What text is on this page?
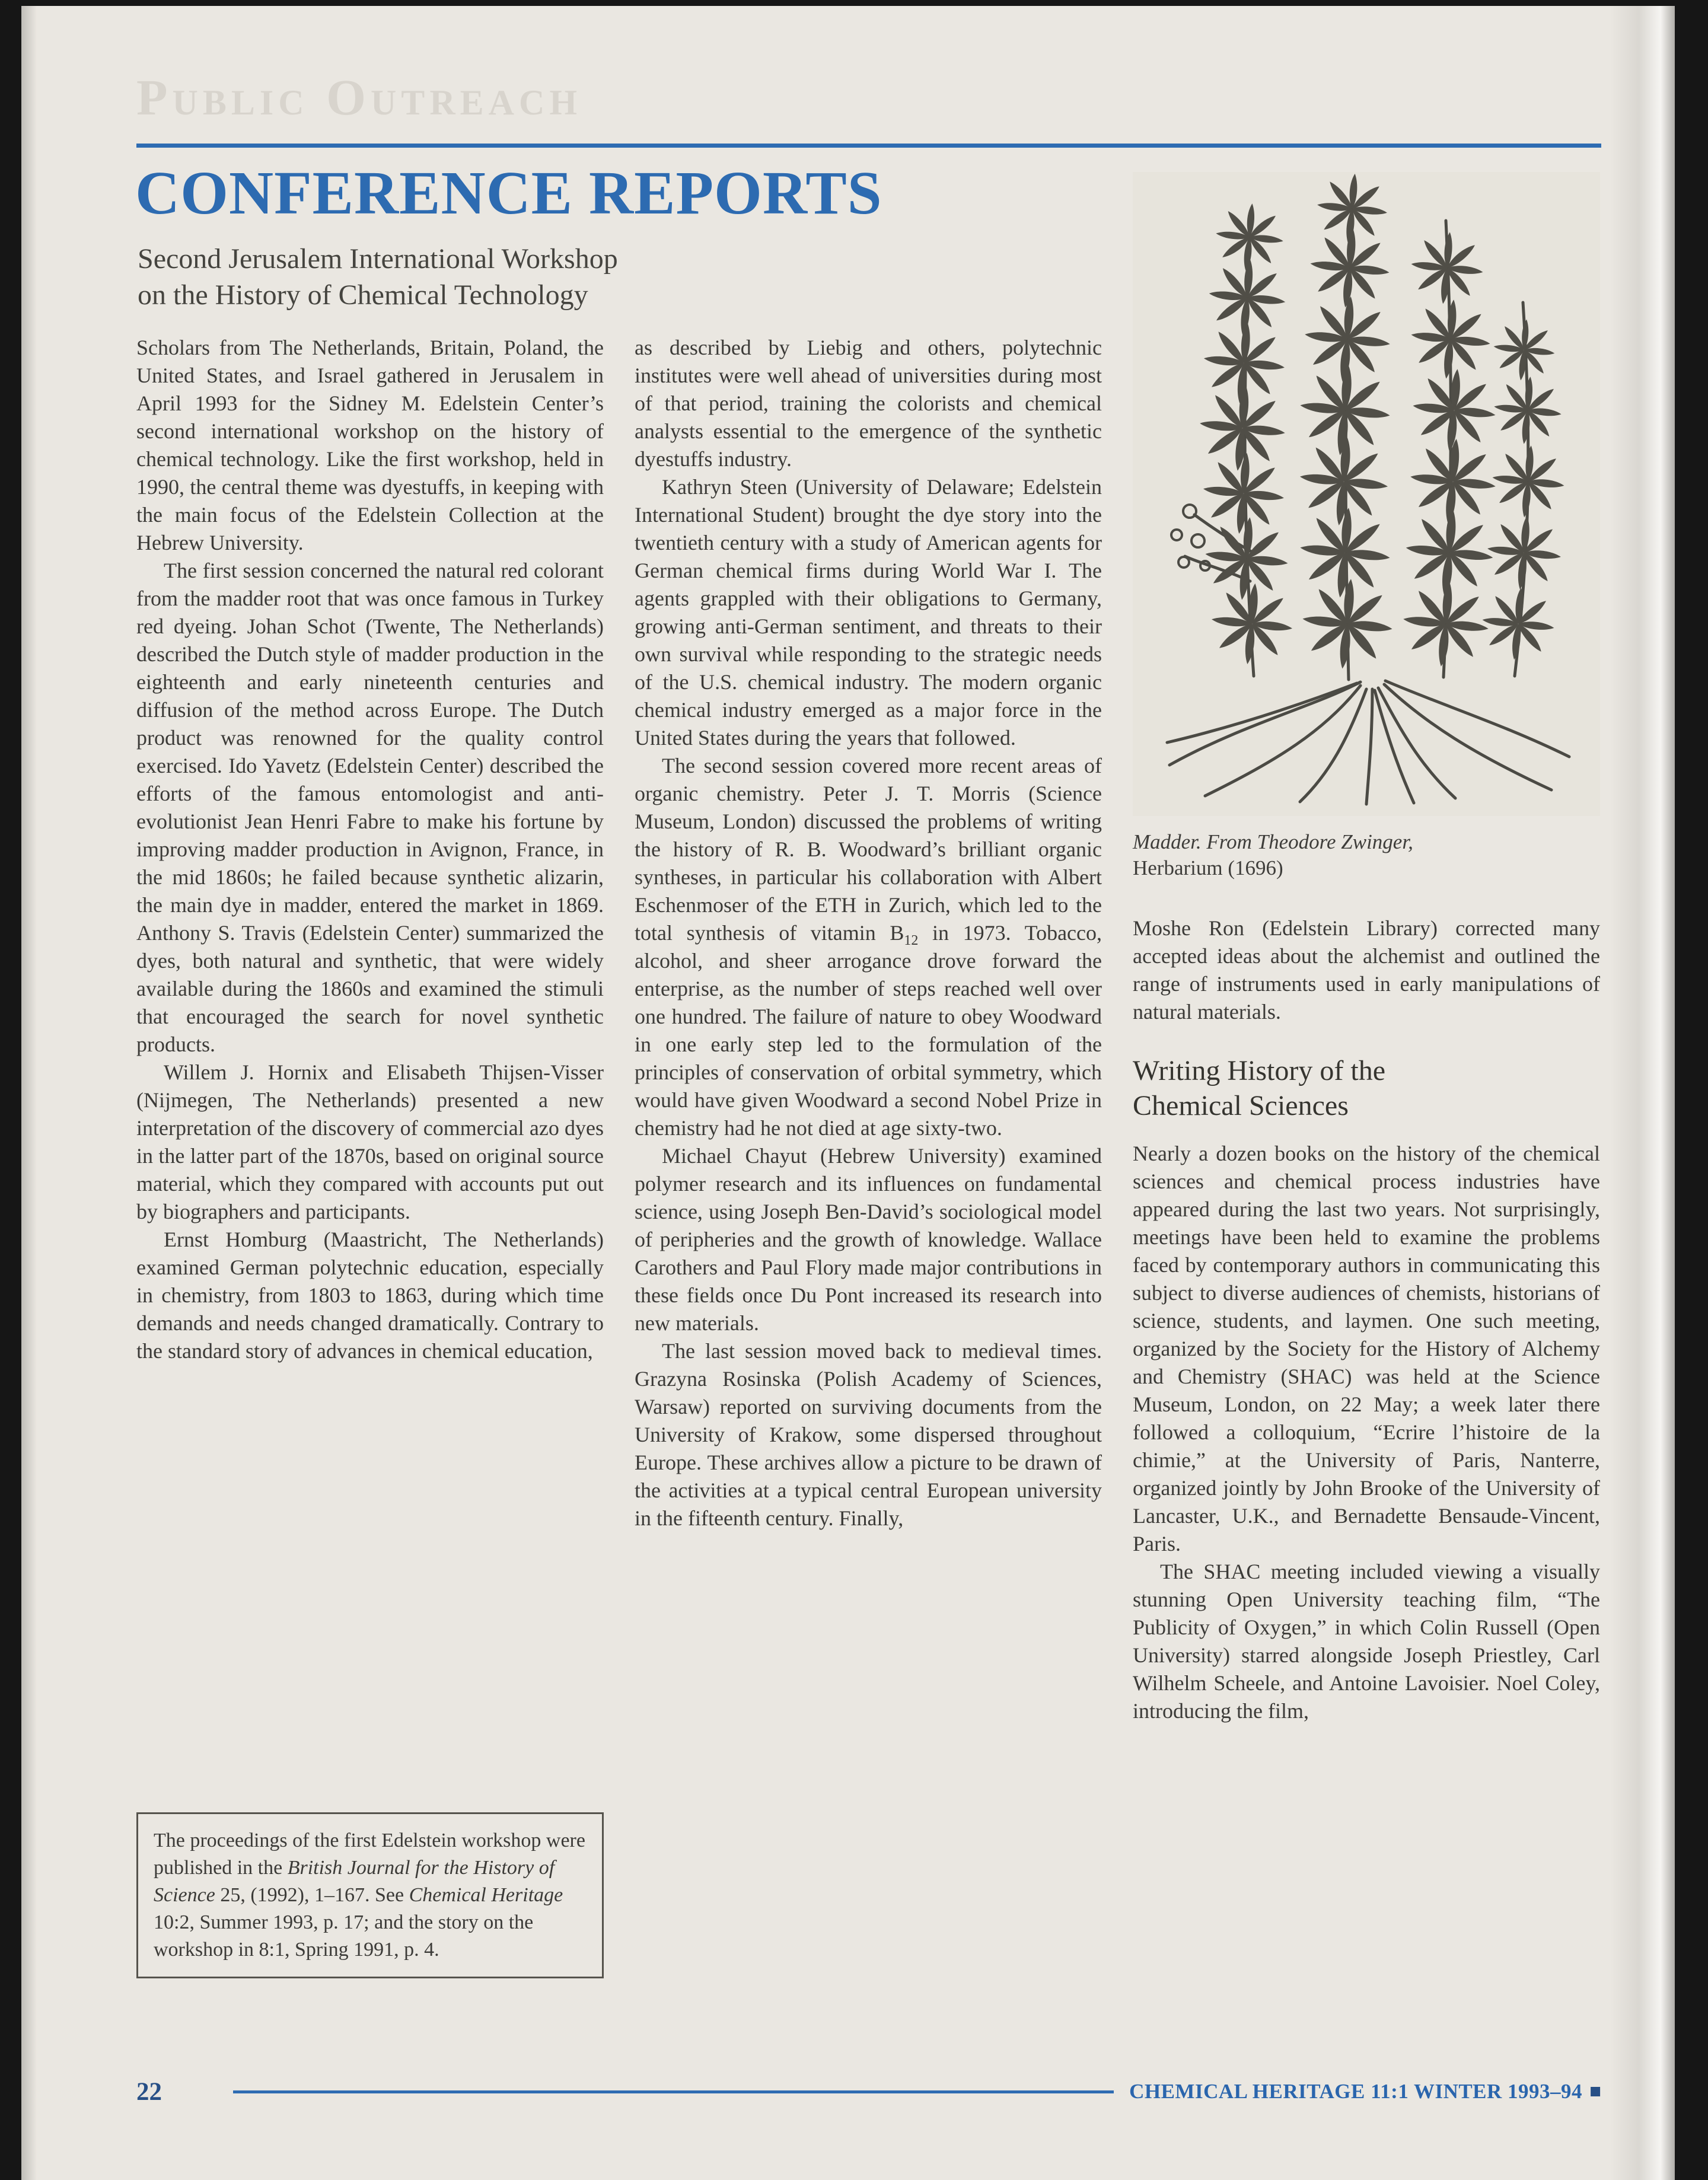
Public Outreach
CONFERENCE REPORTS
Second Jerusalem International Workshop
on the History of Chemical Technology

Scholars from The Netherlands, Britain, Poland, the United States, and Israel gathered in Jerusalem in April 1993 for the Sidney M. Edelstein Center’s second international workshop on the history of chemical technology. Like the first workshop, held in 1990, the central theme was dyestuffs, in keeping with the main focus of the Edelstein Collection at the Hebrew University.

The first session concerned the natural red colorant from the madder root that was once famous in Turkey red dyeing. Johan Schot (Twente, The Netherlands) described the Dutch style of madder production in the eighteenth and early nineteenth centuries and diffusion of the method across Europe. The Dutch product was renowned for the quality control exercised. Ido Yavetz (Edelstein Center) described the efforts of the famous entomologist and anti-evolutionist Jean Henri Fabre to make his fortune by improving madder production in Avignon, France, in the mid 1860s; he failed because synthetic alizarin, the main dye in madder, entered the market in 1869. Anthony S. Travis (Edelstein Center) summarized the dyes, both natural and synthetic, that were widely available during the 1860s and examined the stimuli that encouraged the search for novel synthetic products.

Willem J. Hornix and Elisabeth Thijsen-Visser (Nijmegen, The Netherlands) presented a new interpretation of the discovery of commercial azo dyes in the latter part of the 1870s, based on original source material, which they compared with accounts put out by biographers and participants.

Ernst Homburg (Maastricht, The Netherlands) examined German polytechnic education, especially in chemistry, from 1803 to 1863, during which time demands and needs changed dramatically. Contrary to the standard story of advances in chemical education,

as described by Liebig and others, polytechnic institutes were well ahead of universities during most of that period, training the colorists and chemical analysts essential to the emergence of the synthetic dyestuffs industry.

Kathryn Steen (University of Delaware; Edelstein International Student) brought the dye story into the twentieth century with a study of American agents for German chemical firms during World War I. The agents grappled with their obligations to Germany, growing anti-German sentiment, and threats to their own survival while responding to the strategic needs of the U.S. chemical industry. The modern organic chemical industry emerged as a major force in the United States during the years that followed.

The second session covered more recent areas of organic chemistry. Peter J. T. Morris (Science Museum, London) discussed the problems of writing the history of R. B. Woodward’s brilliant organic syntheses, in particular his collaboration with Albert Eschenmoser of the ETH in Zurich, which led to the total synthesis of vitamin $B_{12}$ in 1973. Tobacco, alcohol, and sheer arrogance drove forward the enterprise, as the number of steps reached well over one hundred. The failure of nature to obey Woodward in one early step led to the formulation of the principles of conservation of orbital symmetry, which would have given Woodward a second Nobel Prize in chemistry had he not died at age sixty-two.

Michael Chayut (Hebrew University) examined polymer research and its influences on fundamental science, using Joseph Ben-David’s sociological model of peripheries and the growth of knowledge. Wallace Carothers and Paul Flory made major contributions in these fields once Du Pont increased its research into new materials.

The last session moved back to medieval times. Grazyna Rosinska (Polish Academy of Sciences, Warsaw) reported on surviving documents from the University of Krakow, some dispersed throughout Europe. These archives allow a picture to be drawn of the activities at a typical central European university in the fifteenth century. Finally,

Madder. From Theodore Zwinger,
Herbarium (1696)

Moshe Ron (Edelstein Library) corrected many accepted ideas about the alchemist and outlined the range of instruments used in early manipulations of natural materials.

Writing History of the
Chemical Sciences

Nearly a dozen books on the history of the chemical sciences and chemical process industries have appeared during the last two years. Not surprisingly, meetings have been held to examine the problems faced by contemporary authors in communicating this subject to diverse audiences of chemists, historians of science, students, and laymen. One such meeting, organized by the Society for the History of Alchemy and Chemistry (SHAC) was held at the Science Museum, London, on 22 May; a week later there followed a colloquium, “Ecrire l’histoire de la chimie,” at the University of Paris, Nanterre, organized jointly by John Brooke of the University of Lancaster, U.K., and Bernadette Bensaude-Vincent, Paris.

The SHAC meeting included viewing a visually stunning Open University teaching film, “The Publicity of Oxygen,” in which Colin Russell (Open University) starred alongside Joseph Priestley, Carl Wilhelm Scheele, and Antoine Lavoisier. Noel Coley, introducing the film,

The proceedings of the first Edelstein workshop were published in the British Journal for the History of Science 25, (1992), 1–167. See Chemical Heritage 10:2, Summer 1993, p. 17; and the story on the workshop in 8:1, Spring 1991, p. 4.
22	CHEMICAL HERITAGE 11:1 WINTER 1993–94 ■
